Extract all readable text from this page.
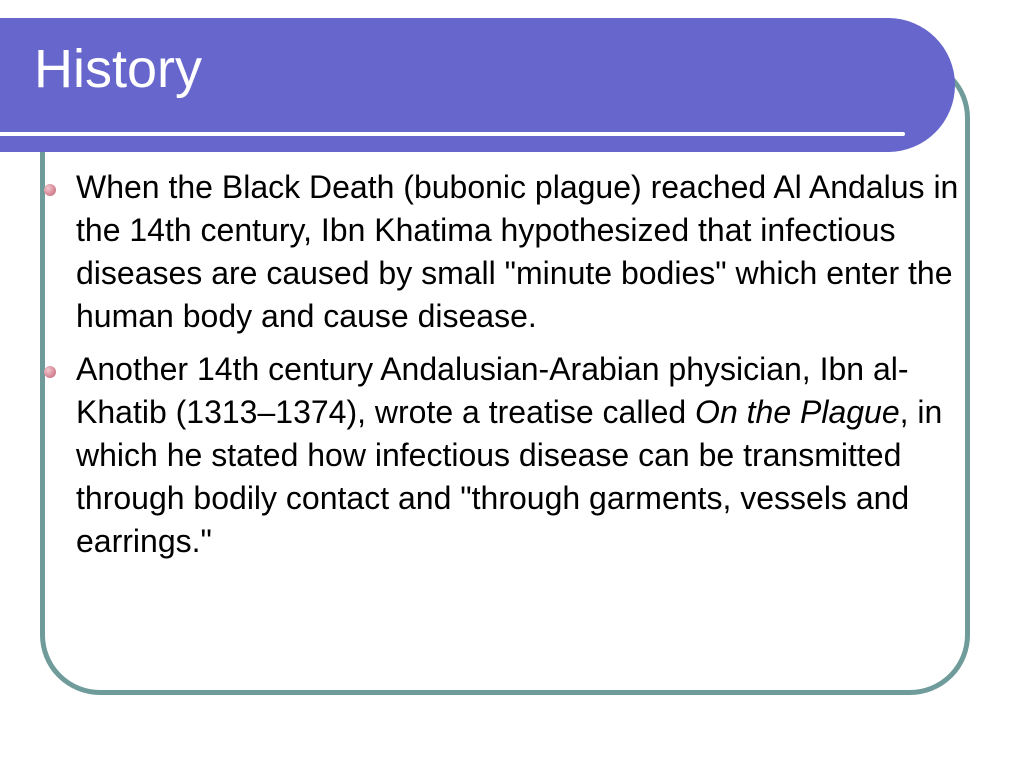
History
When the Black Death (bubonic plague) reached Al Andalus in the 14th century, Ibn Khatima hypothesized that infectious diseases are caused by small "minute bodies" which enter the human body and cause disease.
Another 14th century Andalusian-Arabian physician, Ibn al-Khatib (1313–1374), wrote a treatise called On the Plague, in which he stated how infectious disease can be transmitted through bodily contact and "through garments, vessels and earrings."
